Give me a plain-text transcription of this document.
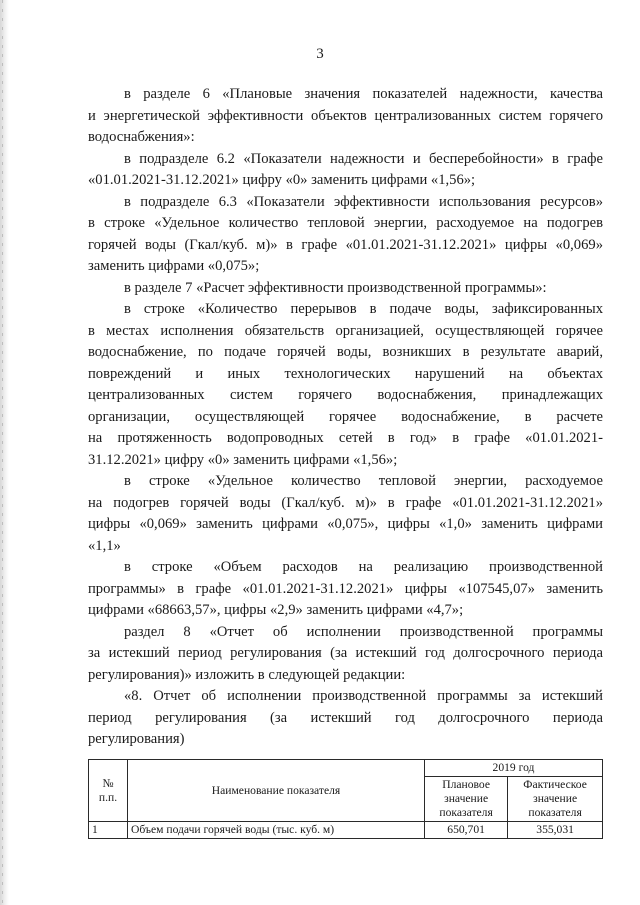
3

в разделе 6 «Плановые значения показателей надежности, качества

и энергетической эффективности объектов централизованных систем горячего

водоснабжения»:

в подразделе 6.2 «Показатели надежности и бесперебойности» в графе

«01.01.2021-31.12.2021» цифру «0» заменить цифрами «1,56»;

в подразделе 6.3 «Показатели эффективности использования ресурсов»

в строке «Удельное количество тепловой энергии, расходуемое на подогрев

горячей воды (Гкал/куб. м)» в графе «01.01.2021-31.12.2021» цифры «0,069»

заменить цифрами «0,075»;

в разделе 7 «Расчет эффективности производственной программы»:

в строке «Количество перерывов в подаче воды, зафиксированных

в местах исполнения обязательств организацией, осуществляющей горячее

водоснабжение, по подаче горячей воды, возникших в результате аварий,

повреждений и иных технологических нарушений на объектах

централизованных систем горячего водоснабжения, принадлежащих

организации, осуществляющей горячее водоснабжение, в расчете

на протяженность водопроводных сетей в год» в графе «01.01.2021-

31.12.2021» цифру «0» заменить цифрами «1,56»;

в строке «Удельное количество тепловой энергии, расходуемое

на подогрев горячей воды (Гкал/куб. м)» в графе «01.01.2021-31.12.2021»

цифры «0,069» заменить цифрами «0,075», цифры «1,0» заменить цифрами

«1,1»

в строке «Объем расходов на реализацию производственной

программы» в графе «01.01.2021-31.12.2021» цифры «107545,07» заменить

цифрами «68663,57», цифры «2,9» заменить цифрами «4,7»;

раздел 8 «Отчет об исполнении производственной программы

за истекший период регулирования (за истекший год долгосрочного периода

регулирования)» изложить в следующей редакции:

«8. Отчет об исполнении производственной программы за истекший

период регулирования (за истекший год долгосрочного периода

регулирования)

№ п.п.	Наименование показателя	2019 год	
		Плановое значение показателя	Фактическое значение показателя
1	Объем подачи горячей воды (тыс. куб. м)	650,701	355,031
